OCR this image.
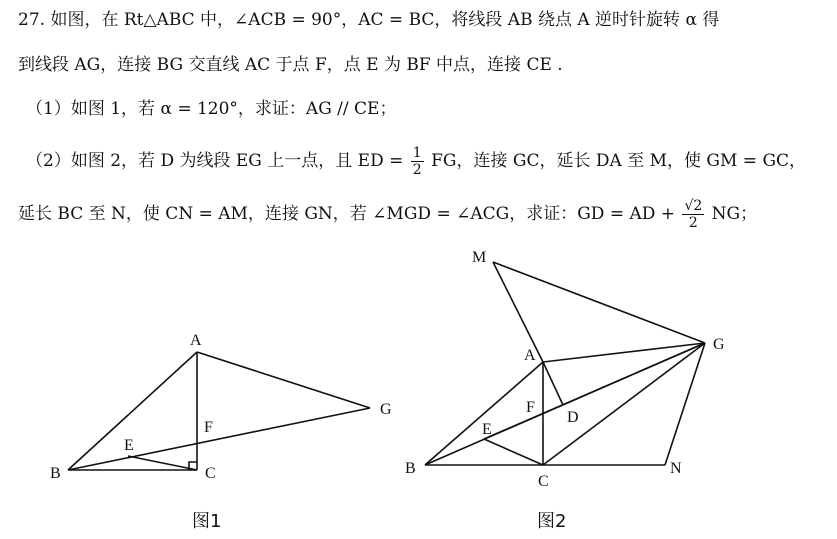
27. 如图，在 Rt△ABC 中，∠ACB = 90°，AC = BC，将线段 AB 绕点 A 逆时针旋转 α 得
到线段 AG，连接 BG 交直线 AC 于点 F，点 E 为 BF 中点，连接 CE .
（1）如图 1，若 α = 120°，求证：AG // CE；
（2）如图 2，若 D 为线段 EG 上一点，且 ED = $\frac{1}{2}$ FG，连接 GC，延长 DA 至 M，使 GM = GC，
延长 BC 至 N，使 CN = AM，连接 GN，若 ∠MGD = ∠ACG，求证：GD = AD + $\frac{√2}{2}$ NG；
A
B	C
E
F
G
图1
M
A
G
F
D
E
B
C
N
图2
